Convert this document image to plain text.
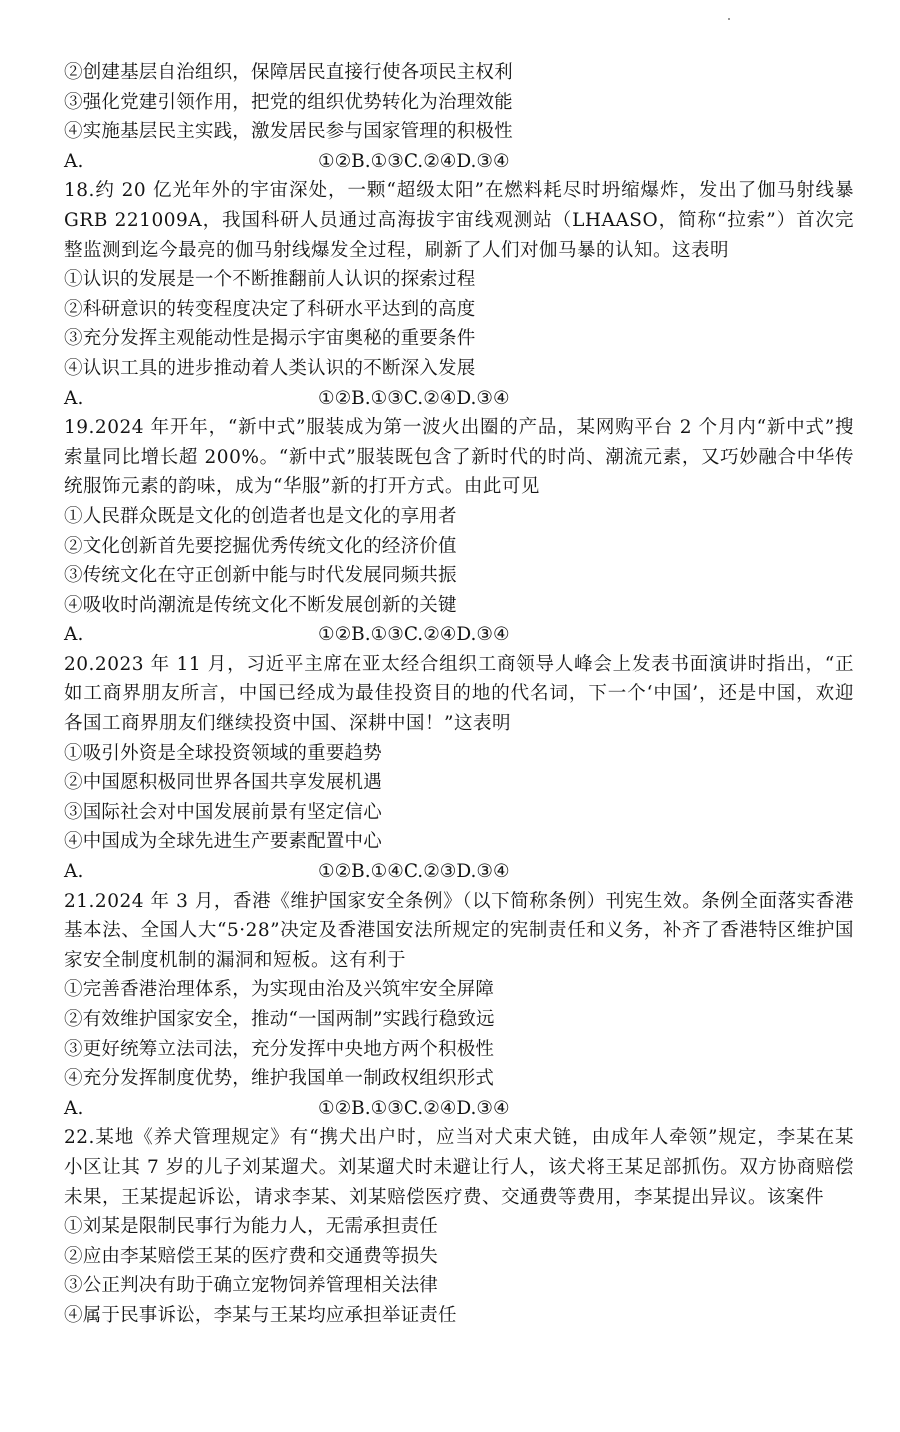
②创建基层自治组织，保障居民直接行使各项民主权利
③强化党建引领作用，把党的组织优势转化为治理效能
④实施基层民主实践，激发居民参与国家管理的积极性
A.	①②B.①③C.②④D.③④
18.约 20 亿光年外的宇宙深处，一颗“超级太阳”在燃料耗尽时坍缩爆炸，发出了伽马射线暴 GRB 221009A，我国科研人员通过高海拔宇宙线观测站（LHAASO，简称“拉索”）首次完整监测到迄今最亮的伽马射线爆发全过程，刷新了人们对伽马暴的认知。这表明
①认识的发展是一个不断推翻前人认识的探索过程
②科研意识的转变程度决定了科研水平达到的高度
③充分发挥主观能动性是揭示宇宙奥秘的重要条件
④认识工具的进步推动着人类认识的不断深入发展
A.	①②B.①③C.②④D.③④
19.2024 年开年，“新中式”服装成为第一波火出圈的产品，某网购平台 2 个月内“新中式”搜索量同比增长超 200%。“新中式”服装既包含了新时代的时尚、潮流元素，又巧妙融合中华传统服饰元素的韵味，成为“华服”新的打开方式。由此可见
①人民群众既是文化的创造者也是文化的享用者
②文化创新首先要挖掘优秀传统文化的经济价值
③传统文化在守正创新中能与时代发展同频共振
④吸收时尚潮流是传统文化不断发展创新的关键
A.	①②B.①③C.②④D.③④
20.2023 年 11 月，习近平主席在亚太经合组织工商领导人峰会上发表书面演讲时指出，“正如工商界朋友所言，中国已经成为最佳投资目的地的代名词，下一个‘中国’，还是中国，欢迎各国工商界朋友们继续投资中国、深耕中国！”这表明
①吸引外资是全球投资领域的重要趋势
②中国愿积极同世界各国共享发展机遇
③国际社会对中国发展前景有坚定信心
④中国成为全球先进生产要素配置中心
A.	①②B.①④C.②③D.③④
21.2024 年 3 月，香港《维护国家安全条例》（以下简称条例）刊宪生效。条例全面落实香港基本法、全国人大“5·28”决定及香港国安法所规定的宪制责任和义务，补齐了香港特区维护国家安全制度机制的漏洞和短板。这有利于
①完善香港治理体系，为实现由治及兴筑牢安全屏障
②有效维护国家安全，推动“一国两制”实践行稳致远
③更好统筹立法司法，充分发挥中央地方两个积极性
④充分发挥制度优势，维护我国单一制政权组织形式
A.	①②B.①③C.②④D.③④
22.某地《养犬管理规定》有“携犬出户时，应当对犬束犬链，由成年人牵领”规定，李某在某小区让其 7 岁的儿子刘某遛犬。刘某遛犬时未避让行人，该犬将王某足部抓伤。双方协商赔偿未果，王某提起诉讼，请求李某、刘某赔偿医疗费、交通费等费用，李某提出异议。该案件
①刘某是限制民事行为能力人，无需承担责任
②应由李某赔偿王某的医疗费和交通费等损失
③公正判决有助于确立宠物饲养管理相关法律
④属于民事诉讼，李某与王某均应承担举证责任
